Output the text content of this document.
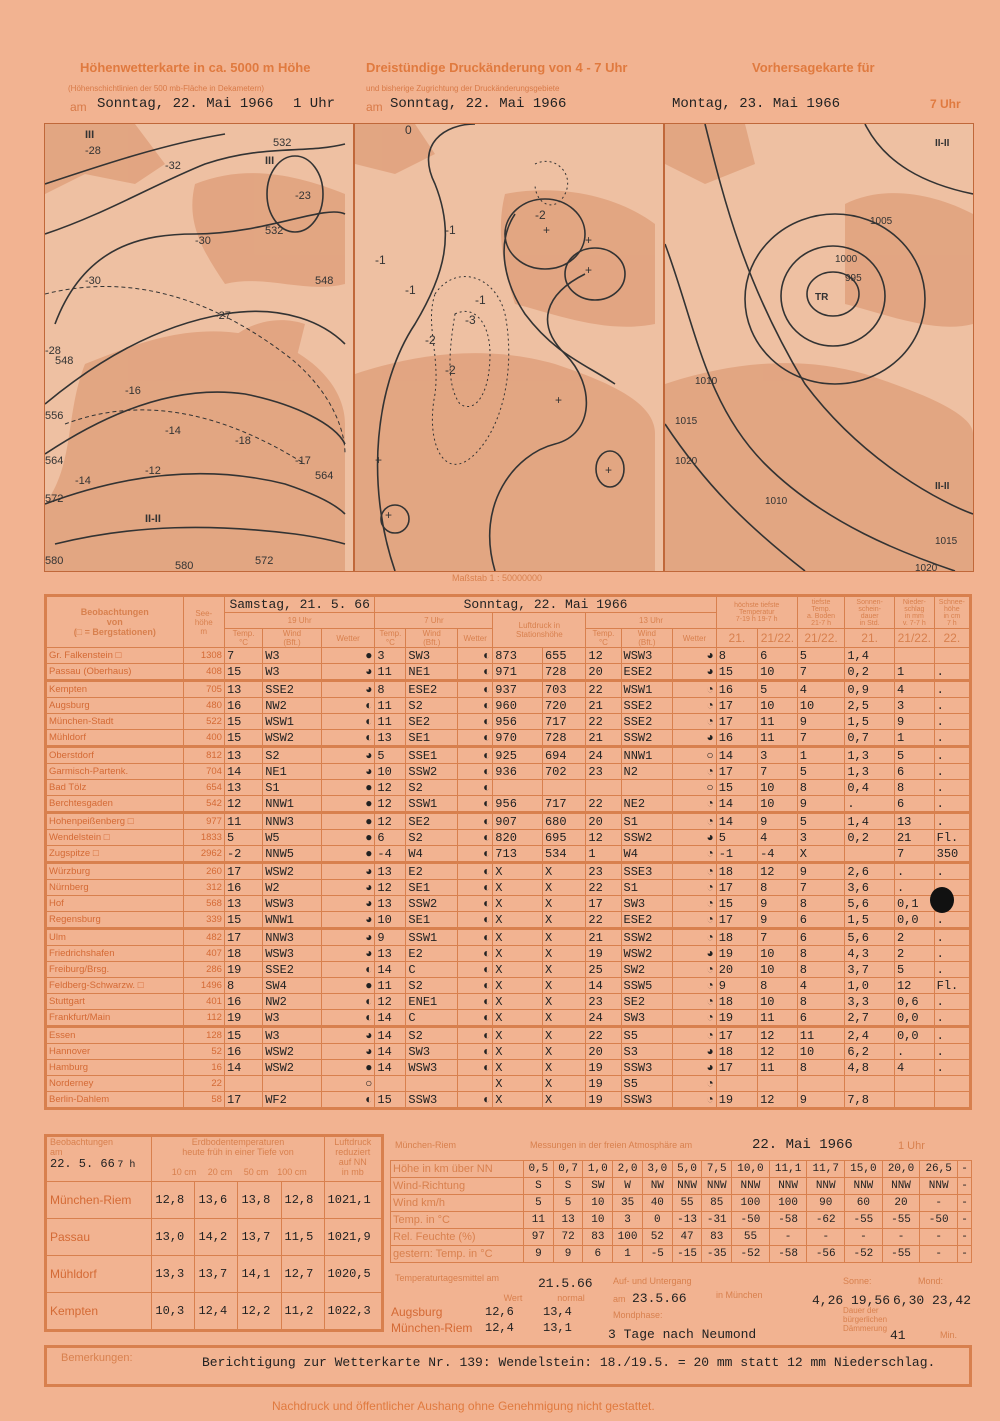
Höhenwetterkarte in ca. 5000 m Höhe
(Höhenschichtlinien der 500 mb-Fläche in Dekametern)
am Sonntag, 22. Mai 1966 1 Uhr
Dreistündige Druckänderung von 4 - 7 Uhr
und bisherige Zugrichtung der Druckänderungsgebiete
am Sonntag, 22. Mai 1966
Vorhersagekarte für
Montag, 23. Mai 1966	7 Uhr
-28
-32
532
-23
532
-30
-30	548
-27
556
-28
548
-16
-14
564
-18
-17
564
-14
572
-12
580	580	572
II-II
III
III
0
-1
+
-2
-1
+
-1
+
-2
-1
-3
+
-2
+
+
+
1000
995
1005
1010
1015
1020
1015
1020
1010
TR
II-II
II-II
Maßstab 1 : 50000000
Beobachtungen
von
(□ = Bergstationen)	See-
höhe
m	Samstag, 21. 5. 66			Sonntag, 22. Mai 1966								höchste tiefste
Temperatur
7-19 h 19-7 h		tiefste
Temp.
a. Boden
21-7 h	Sonnen-
schein-
dauer
in Std.	Nieder-
schlag
in mm
v. 7-7 h	Schnee-
höhe
in cm
7 h
		19 Uhr			7 Uhr			Luftdruck in
Stationshöhe		13 Uhr								
		Temp.
°C	Wind
(Bft.)	Wetter	Temp.
°C	Wind
(Bft.)	Wetter			Temp.
°C	Wind
(Bft.)	Wetter	21.	21/22.	21/22.	21.	21/22.	22.
Gr. Falkenstein □	1308	7	W3	●	3	SW3	◐	873	655	12	WSW3	◕	8	6	5	1,4		
Passau (Oberhaus)	408	15	W3	◕	11	NE1	◐	971	728	20	ESE2	◕	15	10	7	0,2	1	.
Kempten	705	13	SSE2	◕	8	ESE2	◐	937	703	22	WSW1	◔	16	5	4	0,9	4	.
Augsburg	480	16	NW2	◐	11	S2	◐	960	720	21	SSE2	◔	17	10	10	2,5	3	.
München-Stadt	522	15	WSW1	◐	11	SE2	◐	956	717	22	SSE2	◔	17	11	9	1,5	9	.
Mühldorf	400	15	WSW2	◐	13	SE1	◐	970	728	21	SSW2	◕	16	11	7	0,7	1	.
Oberstdorf	812	13	S2	◕	5	SSE1	◐	925	694	24	NNW1	○	14	3	1	1,3	5	.
Garmisch-Partenk.	704	14	NE1	◕	10	SSW2	◐	936	702	23	N2	◔	17	7	5	1,3	6	.
Bad Tölz	654	13	S1	●	12	S2	◐					○	15	10	8	0,4	8	.
Berchtesgaden	542	12	NNW1	●	12	SSW1	◐	956	717	22	NE2	◔	14	10	9	.	6	.
Hohenpeißenberg □	977	11	NNW3	●	12	SE2	◐	907	680	20	S1	◔	14	9	5	1,4	13	.
Wendelstein □	1833	5	W5	●	6	S2	◐	820	695	12	SSW2	◕	5	4	3	0,2	21	Fl.
Zugspitze □	2962	-2	NNW5	●	-4	W4	◐	713	534	1	W4	◔	-1	-4	X		7	350
Würzburg	260	17	WSW2	◕	13	E2	◐	X	X	23	SSE3	◔	18	12	9	2,6	.	.
Nürnberg	312	16	W2	◕	12	SE1	◐	X	X	22	S1	◔	17	8	7	3,6	.	
Hof	568	13	WSW3	◕	13	SSW2	◐	X	X	17	SW3	◔	15	9	8	5,6	0,1	
Regensburg	339	15	WNW1	◕	10	SE1	◐	X	X	22	ESE2	◔	17	9	6	1,5	0,0	.
Ulm	482	17	NNW3	◕	9	SSW1	◐	X	X	21	SSW2	◔	18	7	6	5,6	2	.
Friedrichshafen	407	18	WSW3	◕	13	E2	◐	X	X	19	WSW2	◕	19	10	8	4,3	2	.
Freiburg/Brsg.	286	19	SSE2	◐	14	C	◐	X	X	25	SW2	◔	20	10	8	3,7	5	.
Feldberg-Schwarzw. □	1496	8	SW4	●	11	S2	◐	X	X	14	SSW5	◔	9	8	4	1,0	12	Fl.
Stuttgart	401	16	NW2	◐	12	ENE1	◐	X	X	23	SE2	◔	18	10	8	3,3	0,6	.
Frankfurt/Main	112	19	W3	◐	14	C	◐	X	X	24	SW3	◔	19	11	6	2,7	0,0	.
Essen	128	15	W3	◕	14	S2	◐	X	X	22	S5	◔	17	12	11	2,4	0,0	.
Hannover	52	16	WSW2	◕	14	SW3	◐	X	X	20	S3	◕	18	12	10	6,2	.	.
Hamburg	16	14	WSW2	●	14	WSW3	◐	X	X	19	SSW3	◕	17	11	8	4,8	4	.
Norderney	22			○				X	X	19	S5	◔						
Berlin-Dahlem	58	17	WF2	◐	15	SSW3	◐	X	X	19	SSW3	◔	19	12	9	7,8		
Beobachtungen
am
22. 5. 66 7 h	Erdbodentemperaturen
heute früh in einer Tiefe von

10 cm 20 cm 50 cm 100 cm				Luftdruck
reduziert
auf NN
in mb
München-Riem	12,8	13,6	13,8	12,8	1021,1
Passau	13,0	14,2	13,7	11,5	1021,9
Mühldorf	13,3	13,7	14,1	12,7	1020,5
Kempten	10,3	12,4	12,2	11,2	1022,3
München-Riem	Messungen in der freien Atmosphäre am	22. Mai 1966	1 Uhr
Höhe in km über NN	0,5	0,7	1,0	2,0	3,0	5,0	7,5	10,0	11,1	11,7	15,0	20,0	26,5	-
Wind-Richtung	S	S	SW	W	NW	NNW	NNW	NNW	NNW	NNW	NNW	NNW	NNW	-
Wind km/h	5	5	10	35	40	55	85	100	100	90	60	20	-	-
Temp. in °C	11	13	10	3	0	-13	-31	-50	-58	-62	-55	-55	-50	-
Rel. Feuchte (%)	97	72	83	100	52	47	83	55	-	-	-	-	-	-
gestern: Temp. in °C	9	9	6	1	-5	-15	-35	-52	-58	-56	-52	-55	-	-
Temperaturtagesmittel am	21.5.66
	Wert	normal
Augsburg	12,6	13,4
München-Riem	12,4	13,1
Auf- und Untergang
am 23.5.66	in München
Sonne:
4,26 19,56
Mond:
6,30 23,42
Mondphase:
3 Tage nach Neumond
Dauer der
bürgerlichen
Dämmerung 41	Min.
Bemerkungen:	Berichtigung zur Wetterkarte Nr. 139: Wendelstein: 18./19.5. = 20 mm statt 12 mm Niederschlag.
Nachdruck und öffentlicher Aushang ohne Genehmigung nicht gestattet.
